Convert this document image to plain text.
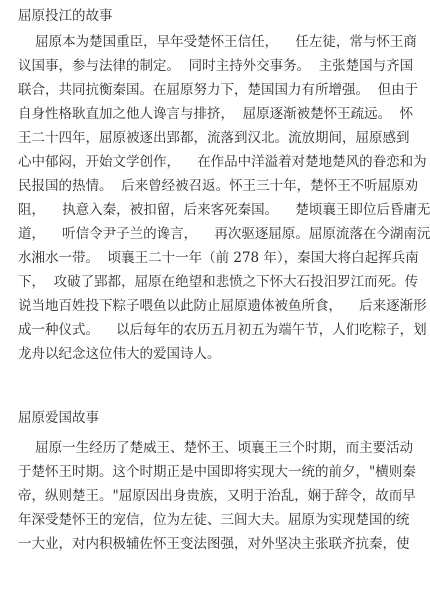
屈原投江的故事
屈原本为楚国重臣，早年受楚怀王信任，    任左徒，常与怀王商
议国事，参与法律的制定。  同时主持外交事务。  主张楚国与齐国
联合，共同抗衡秦国。在屈原努力下，楚国国力有所增强。  但由于
自身性格耿直加之他人谗言与排挤，  屈原逐渐被楚怀王疏远。  怀
王二十四年，屈原被逐出郢都，流落到汉北。流放期间，屈原感到
心中郁闷，开始文学创作，    在作品中洋溢着对楚地楚风的眷恋和为
民报国的热情。  后来曾经被召返。怀王三十年，楚怀王不听屈原劝
阻，    执意入秦，被扣留，后来客死秦国。    楚顷襄王即位后昏庸无
道，    听信令尹子兰的谗言，    再次驱逐屈原。屈原流落在今湖南沅
水湘水一带。  顷襄王二十一年（前 278 年），秦国大将白起挥兵南
下，  攻破了郢都，屈原在绝望和悲愤之下怀大石投汨罗江而死。传
说当地百姓投下粽子喂鱼以此防止屈原遗体被鱼所食，    后来逐渐形
成一种仪式。    以后每年的农历五月初五为端午节，人们吃粽子，划
龙舟以纪念这位伟大的爱国诗人。
屈原爱国故事
屈原一生经历了楚威王、楚怀王、顷襄王三个时期，而主要活动
于楚怀王时期。这个时期正是中国即将实现大一统的前夕，"横则秦
帝，纵则楚王。"屈原因出身贵族，又明于治乱，娴于辞令，故而早
年深受楚怀王的宠信，位为左徒、三闾大夫。屈原为实现楚国的统
一大业，对内积极辅佐怀王变法图强，对外坚决主张联齐抗秦，使
